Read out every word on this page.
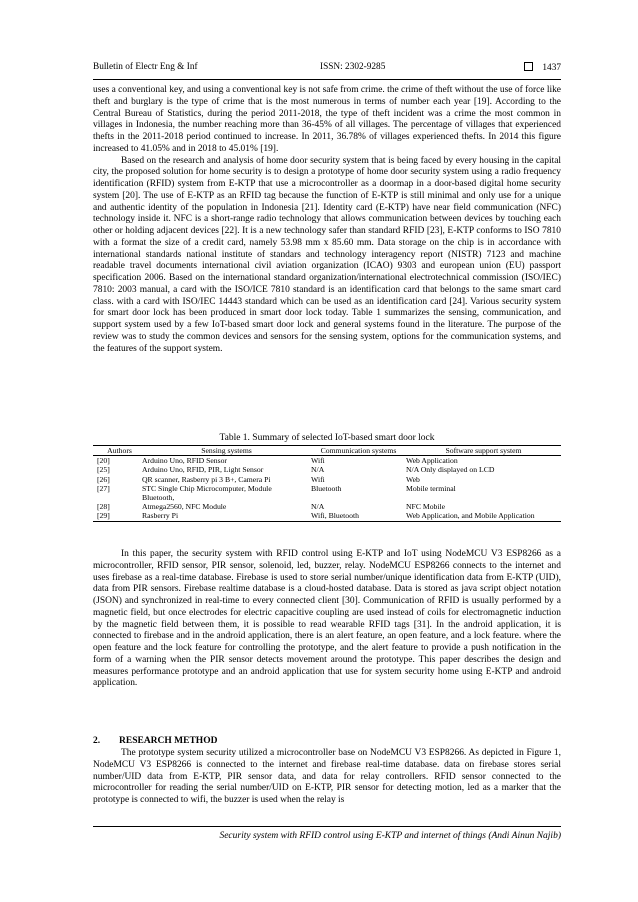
Bulletin of Electr Eng & Inf	ISSN: 2302-9285	1437

uses a conventional key, and using a conventional key is not safe from crime. the crime of theft without the use of force like theft and burglary is the type of crime that is the most numerous in terms of number each year [19]. According to the Central Bureau of Statistics, during the period 2011-2018, the type of theft incident was a crime the most common in villages in Indonesia, the number reaching more than 36-45% of all villages. The percentage of villages that experienced thefts in the 2011-2018 period continued to increase. In 2011, 36.78% of villages experienced thefts. In 2014 this figure increased to 41.05% and in 2018 to 45.01% [19].

Based on the research and analysis of home door security system that is being faced by every housing in the capital city, the proposed solution for home security is to design a prototype of home door security system using a radio frequency identification (RFID) system from E-KTP that use a microcontroller as a doormap in a door-based digital home security system [20]. The use of E-KTP as an RFID tag because the function of E-KTP is still minimal and only use for a unique and authentic identity of the population in Indonesia [21]. Identity card (E-KTP) have near field communication (NFC) technology inside it. NFC is a short-range radio technology that allows communication between devices by touching each other or holding adjacent devices [22]. It is a new technology safer than standard RFID [23], E-KTP conforms to ISO 7810 with a format the size of a credit card, namely 53.98 mm x 85.60 mm. Data storage on the chip is in accordance with international standards national institute of standars and technology interagency report (NISTR) 7123 and machine readable travel documents international civil aviation organization (ICAO) 9303 and european union (EU) passport specification 2006. Based on the international standard organization/international electrotechnical commission (ISO/IEC) 7810: 2003 manual, a card with the ISO/ICE 7810 standard is an identification card that belongs to the same smart card class. with a card with ISO/IEC 14443 standard which can be used as an identification card [24]. Various security system for smart door lock has been produced in smart door lock today. Table 1 summarizes the sensing, communication, and support system used by a few IoT-based smart door lock and general systems found in the literature. The purpose of the review was to study the common devices and sensors for the sensing system, options for the communication systems, and the features of the support system.

Table 1. Summary of selected IoT-based smart door lock
Authors	Sensing systems	Communication systems	Software support system
[20]	Arduino Uno, RFID Sensor	Wifi	Web Application
[25]	Arduino Uno, RFID, PIR, Light Sensor	N/A	N/A Only displayed on LCD
[26]	QR scanner, Rasberry pi 3 B+, Camera Pi	Wifi	Web
[27]	STC Single Chip Microcomputer, Module Bluetooth,	Bluetooth	Mobile terminal
[28]	Atmega2560, NFC Module	N/A	NFC Mobile
[29]	Rasberry Pi	Wifi, Bluetooth	Web Application, and Mobile Application

In this paper, the security system with RFID control using E-KTP and IoT using NodeMCU V3 ESP8266 as a microcontroller, RFID sensor, PIR sensor, solenoid, led, buzzer, relay. NodeMCU ESP8266 connects to the internet and uses firebase as a real-time database. Firebase is used to store serial number/unique identification data from E-KTP (UID), data from PIR sensors. Firebase realtime database is a cloud-hosted database. Data is stored as java script object notation (JSON) and synchronized in real-time to every connected client [30]. Communication of RFID is usually performed by a magnetic field, but once electrodes for electric capacitive coupling are used instead of coils for electromagnetic induction by the magnetic field between them, it is possible to read wearable RFID tags [31]. In the android application, it is connected to firebase and in the android application, there is an alert feature, an open feature, and a lock feature. where the open feature and the lock feature for controlling the prototype, and the alert feature to provide a push notification in the form of a warning when the PIR sensor detects movement around the prototype. This paper describes the design and measures performance prototype and an android application that use for system security home using E-KTP and android application.

2. RESEARCH METHOD

The prototype system security utilized a microcontroller base on NodeMCU V3 ESP8266. As depicted in Figure 1, NodeMCU V3 ESP8266 is connected to the internet and firebase real-time database. data on firebase stores serial number/UID data from E-KTP, PIR sensor data, and data for relay controllers. RFID sensor connected to the microcontroller for reading the serial number/UID on E-KTP, PIR sensor for detecting motion, led as a marker that the prototype is connected to wifi, the buzzer is used when the relay is

Security system with RFID control using E-KTP and internet of things (Andi Ainun Najib)
